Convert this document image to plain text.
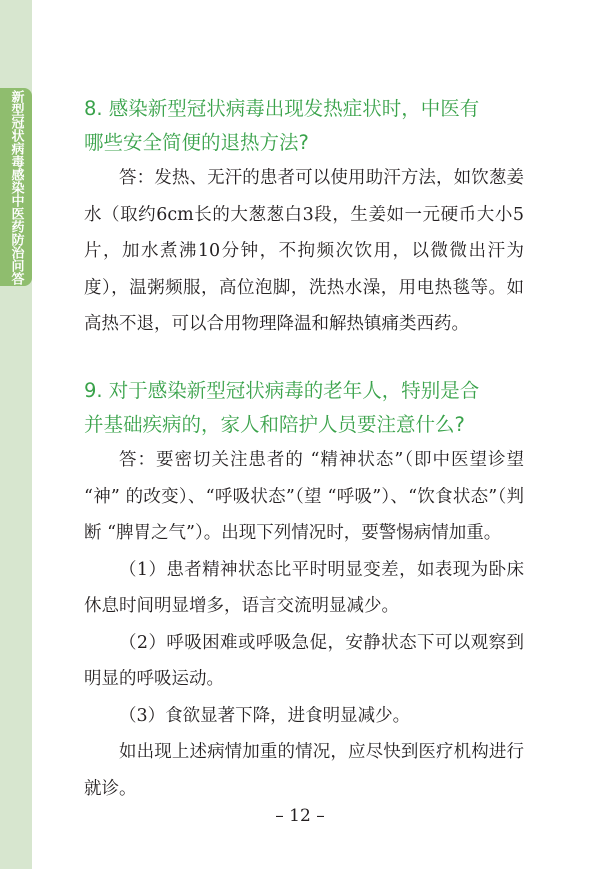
新型冠状病毒感染中医药防治问答	8. 感染新型冠状病毒出现发热症状时，中医有

哪些安全简便的退热方法?

答：发热、无汗的患者可以使用助汗方法，如饮葱姜水（取约6cm长的大葱葱白3段，生姜如一元硬币大小5片，加水煮沸10分钟，不拘频次饮用，以微微出汗为度），温粥频服，高位泡脚，洗热水澡，用电热毯等。如高热不退，可以合用物理降温和解热镇痛类西药。

9. 对于感染新型冠状病毒的老年人，特别是合

并基础疾病的，家人和陪护人员要注意什么?

答：要密切关注患者的 “精神状态”（即中医望诊望 “神” 的改变）、“呼吸状态”（望 “呼吸”）、“饮食状态”（判断 “脾胃之气”）。出现下列情况时，要警惕病情加重。

（1）患者精神状态比平时明显变差，如表现为卧床休息时间明显增多，语言交流明显减少。

（2）呼吸困难或呼吸急促，安静状态下可以观察到明显的呼吸运动。

（3）食欲显著下降，进食明显减少。

如出现上述病情加重的情况，应尽快到医疗机构进行就诊。

– 12 –
